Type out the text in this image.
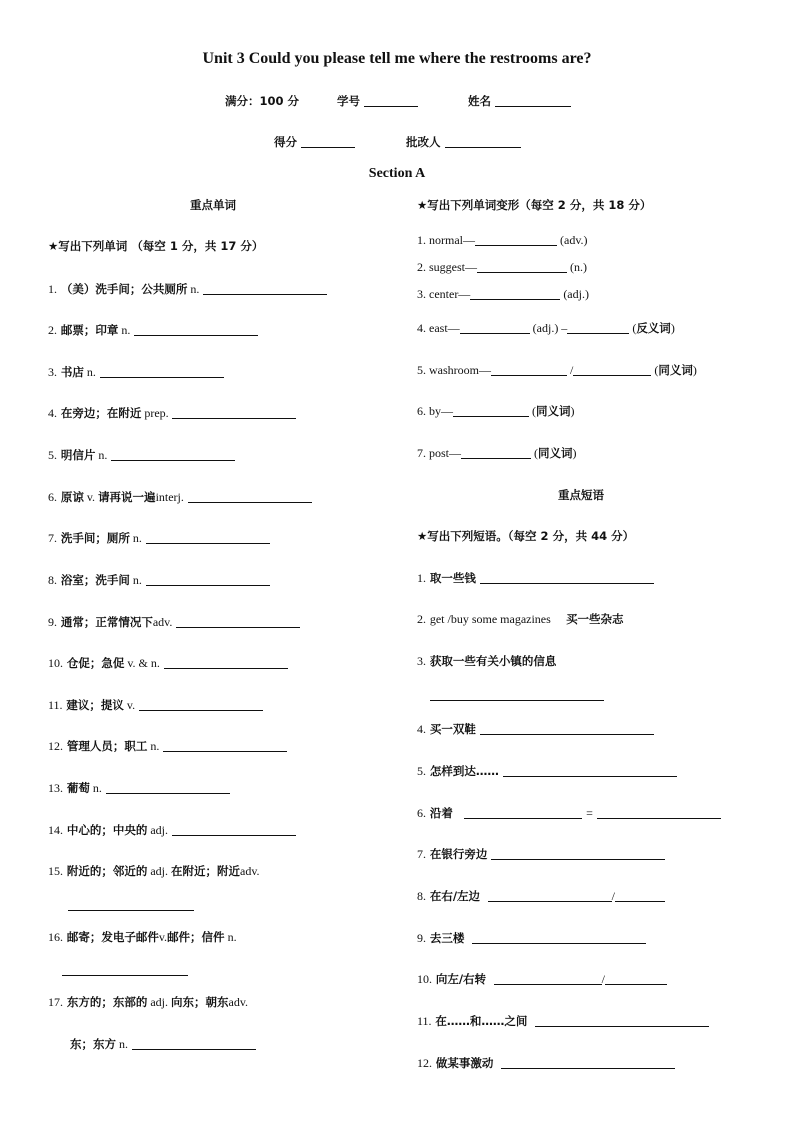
Unit 3 Could you please tell me where the restrooms are?
满分：100 分	学号	姓名
得分	批改人
Section A
重点单词
★写出下列单词 （每空 1 分，共 17 分）
1. （美）洗手间；公共厕所 n.
2. 邮票；印章 n.
3. 书店 n.
4. 在旁边；在附近 prep.
5. 明信片 n.
6. 原谅 v. 请再说一遍interj.
7. 洗手间；厕所 n.
8. 浴室；洗手间 n.
9. 通常；正常情况下adv.
10. 仓促；急促 v. & n.
11. 建议；提议 v.
12. 管理人员；职工 n.
13. 葡萄 n.
14. 中心的；中央的 adj.
15. 附近的；邻近的 adj. 在附近；附近adv.
16. 邮寄；发电子邮件v.邮件；信件 n.
17. 东方的；东部的 adj. 向东；朝东adv.
东；东方 n.
★写出下列单词变形（每空 2 分，共 18 分）
1. normal—	(adv.)
2. suggest—	(n.)
3. center—	(adj.)
4. east—	(adj.) –	(反义词)
5. washroom—	/	(同义词)
6. by—	(同义词)
7. post—	(同义词)
重点短语
★写出下列短语。（每空 2 分，共 44 分）
1. 取一些钱
2. get /buy some magazines 买一些杂志
3. 获取一些有关小镇的信息
4. 买一双鞋
5. 怎样到达……
6. 沿着	=
7. 在银行旁边
8. 在右/左边	/
9. 去三楼
10. 向左/右转	/
11. 在……和……之间
12. 做某事激动
